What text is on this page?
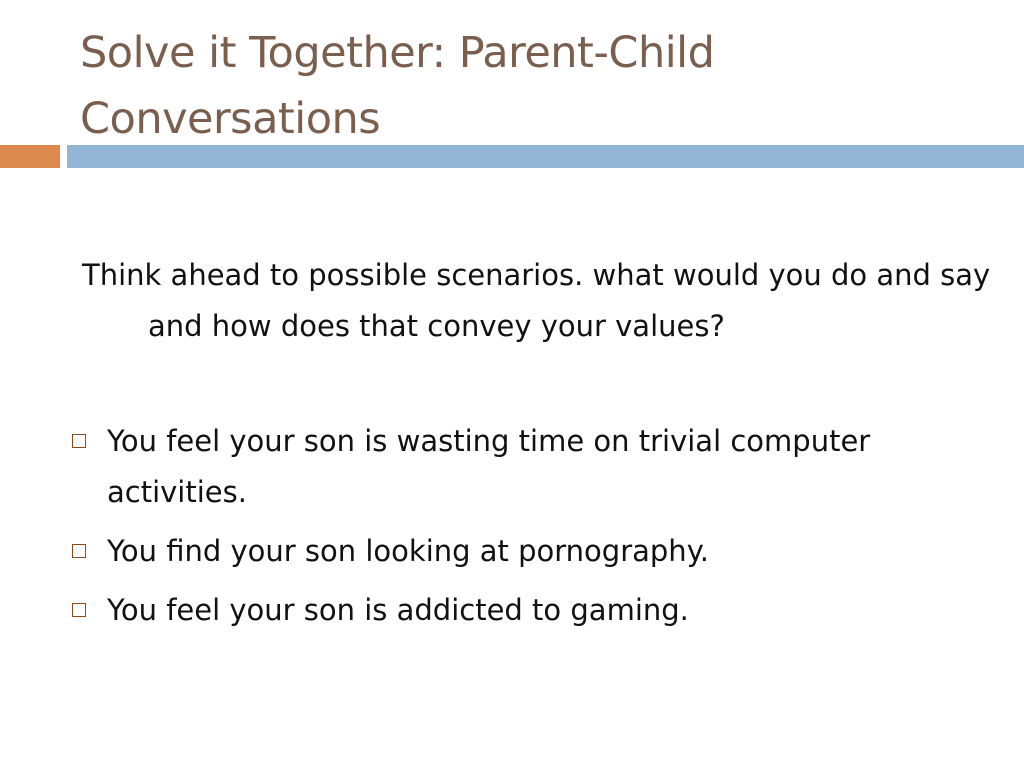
Solve it Together: Parent-Child Conversations

Think ahead to possible scenarios. what would you do and say and how does that convey your values?

You feel your son is wasting time on trivial computer activities.
You find your son looking at pornography.
You feel your son is addicted to gaming.
